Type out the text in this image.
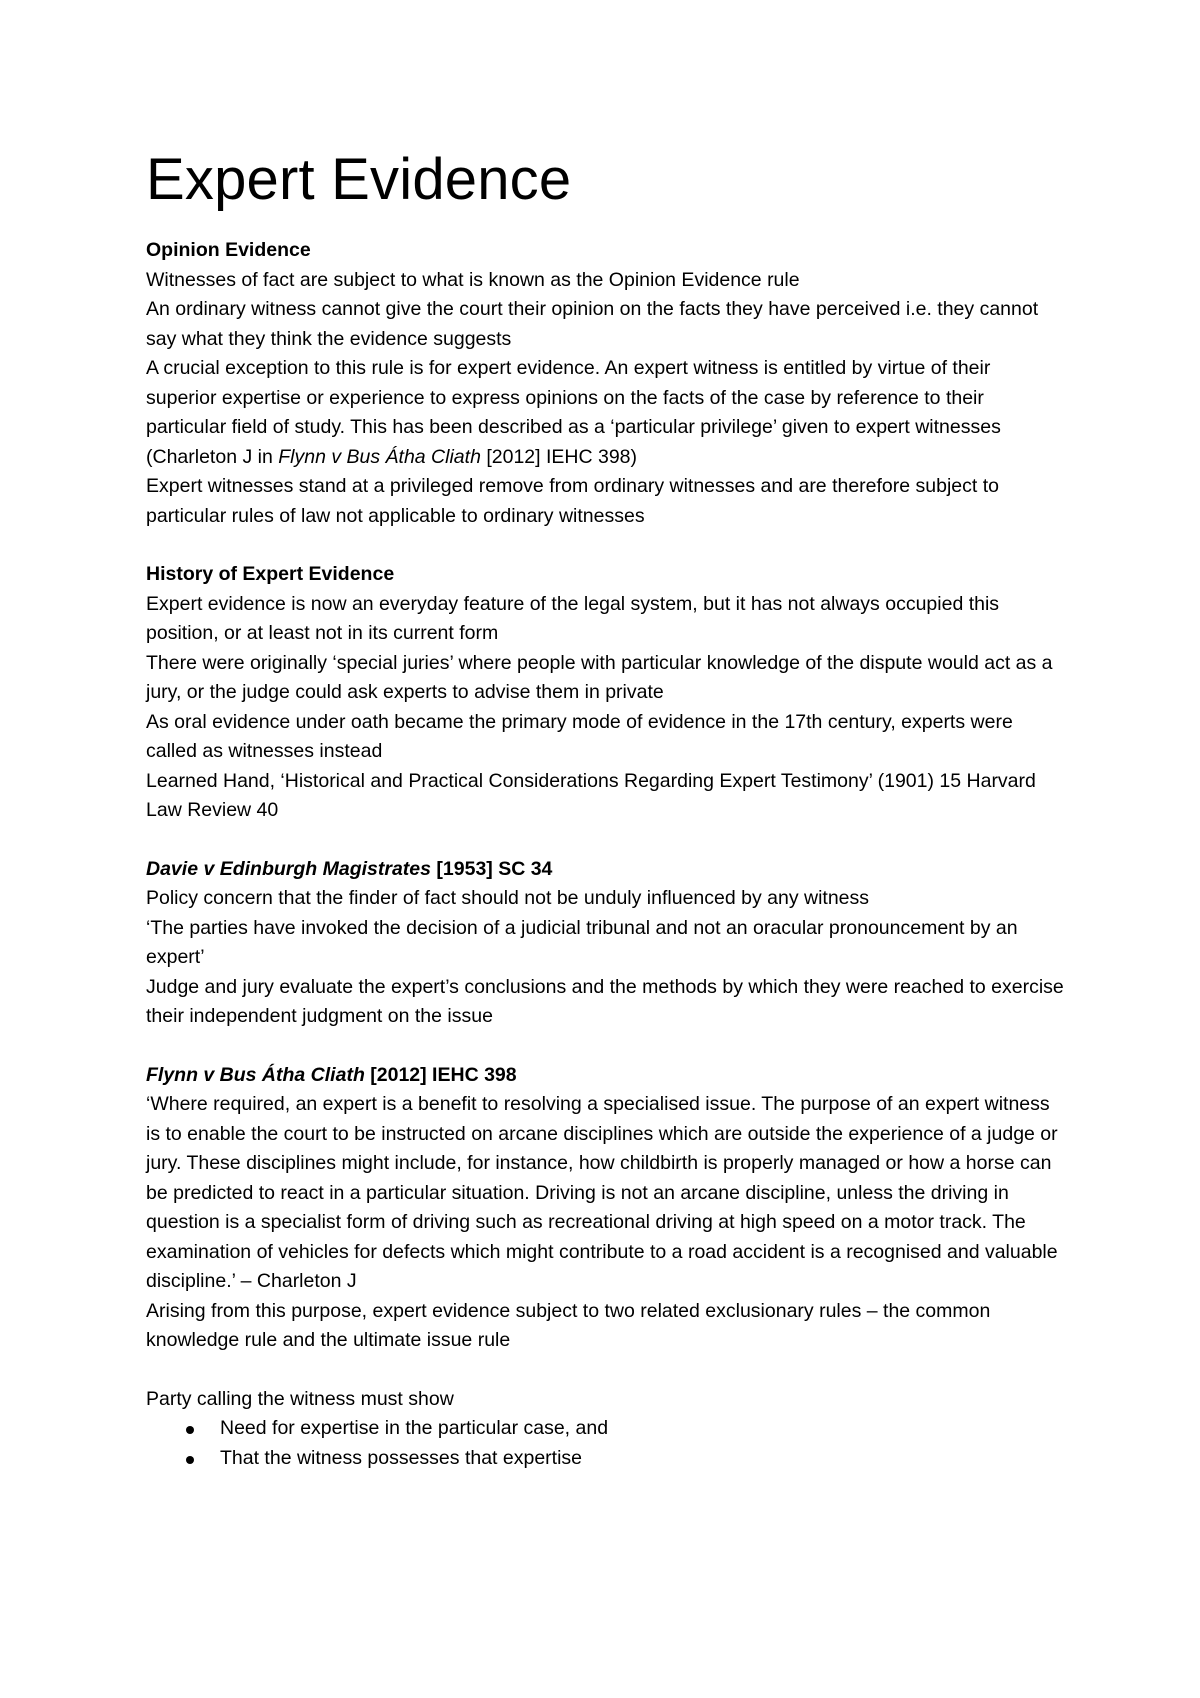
Expert Evidence

Opinion Evidence

Witnesses of fact are subject to what is known as the Opinion Evidence rule

An ordinary witness cannot give the court their opinion on the facts they have perceived i.e. they cannot say what they think the evidence suggests

A crucial exception to this rule is for expert evidence. An expert witness is entitled by virtue of their superior expertise or experience to express opinions on the facts of the case by reference to their particular field of study. This has been described as a ‘particular privilege’ given to expert witnesses (Charleton J in Flynn v Bus Átha Cliath [2012] IEHC 398)

Expert witnesses stand at a privileged remove from ordinary witnesses and are therefore subject to particular rules of law not applicable to ordinary witnesses

History of Expert Evidence

Expert evidence is now an everyday feature of the legal system, but it has not always occupied this position, or at least not in its current form

There were originally ‘special juries’ where people with particular knowledge of the dispute would act as a jury, or the judge could ask experts to advise them in private

As oral evidence under oath became the primary mode of evidence in the 17th century, experts were called as witnesses instead

Learned Hand, ‘Historical and Practical Considerations Regarding Expert Testimony’ (1901) 15 Harvard Law Review 40

Davie v Edinburgh Magistrates [1953] SC 34

Policy concern that the finder of fact should not be unduly influenced by any witness

‘The parties have invoked the decision of a judicial tribunal and not an oracular pronouncement by an expert’

Judge and jury evaluate the expert’s conclusions and the methods by which they were reached to exercise their independent judgment on the issue

Flynn v Bus Átha Cliath [2012] IEHC 398

‘Where required, an expert is a benefit to resolving a specialised issue. The purpose of an expert witness is to enable the court to be instructed on arcane disciplines which are outside the experience of a judge or jury. These disciplines might include, for instance, how childbirth is properly managed or how a horse can be predicted to react in a particular situation. Driving is not an arcane discipline, unless the driving in question is a specialist form of driving such as recreational driving at high speed on a motor track. The examination of vehicles for defects which might contribute to a road accident is a recognised and valuable discipline.’ – Charleton J

Arising from this purpose, expert evidence subject to two related exclusionary rules – the common knowledge rule and the ultimate issue rule

Party calling the witness must show

Need for expertise in the particular case, and
That the witness possesses that expertise
